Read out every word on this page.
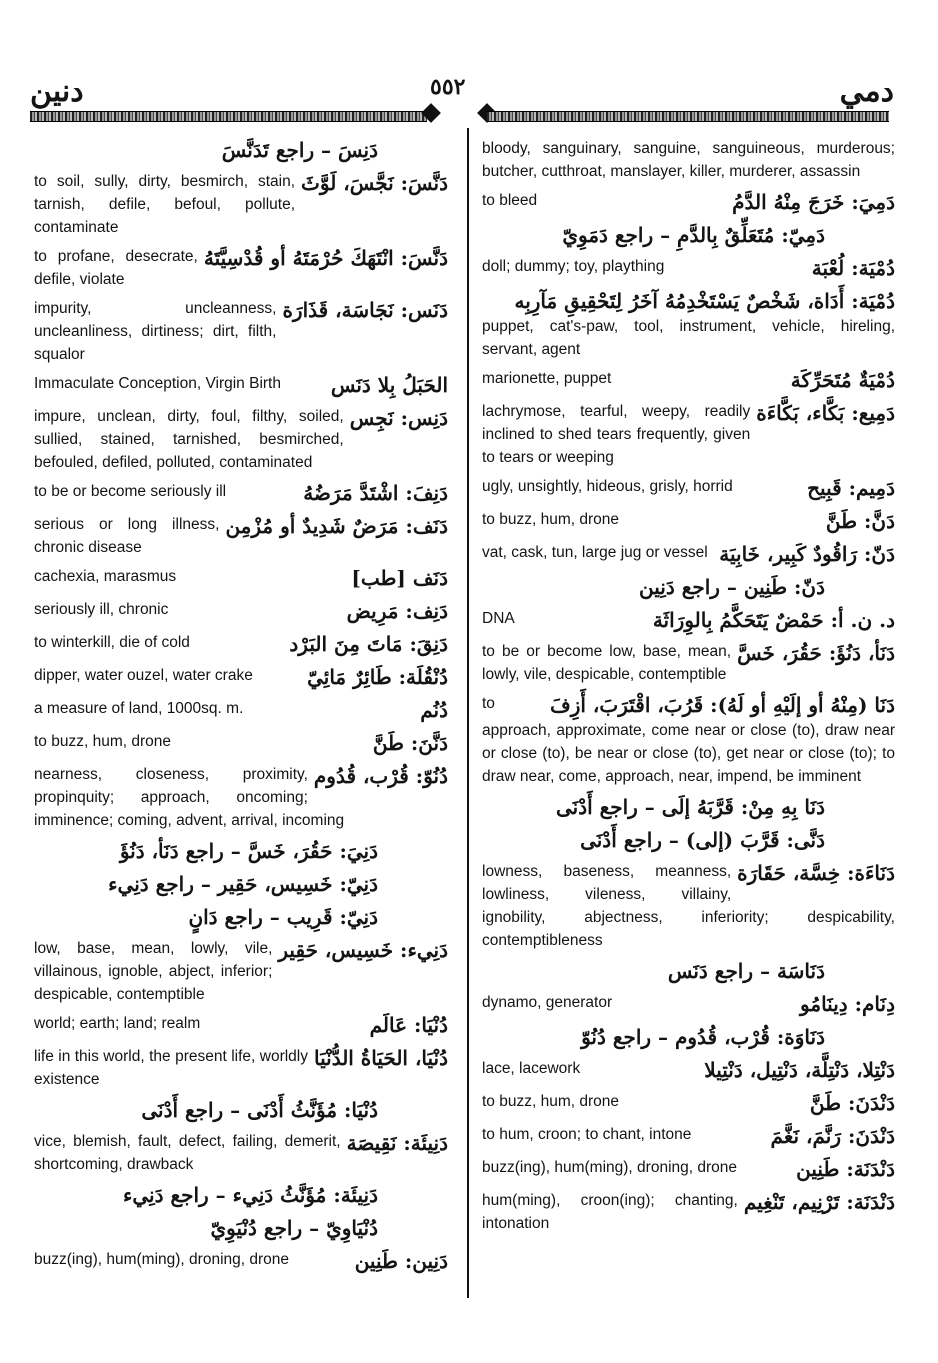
دنين	٥٥٢	دمي
bloody, sanguinary, sanguine, sanguineous, murderous; butcher, cutthroat, manslayer, killer, murderer, assassin
دَمِيَ: خَرَجَ مِنْهُ الدَّمُ
to bleed
دَمِيّ: مُتَعَلِّقٌ بِالدَّمِ – راجع دَمَوِيّ
دُمْيَة: لُعْبَة
doll; dummy; toy, plaything
دُمْيَة: أَدَاة، شَخْصٌ يَسْتَخْدِمُهُ آخَرُ لِتَحْقِيقِ مَآرِبِه
puppet, cat's-paw, tool, instrument, vehicle, hireling, servant, agent
دُمْيَةٌ مُتَحَرِّكَة
marionette, puppet
دَمِيع: بَكَّاء، بَكَّاءَة
lachrymose, tearful, weepy, readily inclined to shed tears frequently, given to tears or weeping
دَمِيم: قَبِيح
ugly, unsightly, hideous, grisly, horrid
دَنَّ: طَنَّ
to buzz, hum, drone
دَنّ: رَاقُودٌ كَبِير، خَابِيَة
vat, cask, tun, large jug or vessel
دَنّ: طَنِين – راجع دَنِين
د. ن. أ: حَمْضٌ يَتَحَكَّمُ بِالوِرَاثَة
DNA
دَنَأ، دَنُؤَ: حَقُرَ، خَسَّ
to be or become low, base, mean, lowly, vile, despicable, contemptible
دَنَا (مِنْهُ أو إلَيْهِ أو لَهُ): قَرُبَ، اقْتَرَبَ، أَزِفَ
to approach, approximate, come near or close (to), draw near or close (to), be near or close (to), get near or close (to); to draw near, come, approach, near, impend, be imminent
دَنَا بِهِ مِنْ: قَرَّبَهُ إلَى – راجع أَدْنَى
دَنَّى: قَرَّبَ (إلى) – راجع أَدْنَى
دَنَاءَة: خِسَّة، حَقَارَة
lowness, baseness, meanness, lowliness, vileness, villainy, ignobility, abjectness, inferiority; despicability, contemptibleness
دَنَاسَة – راجع دَنَس
دِنَام: دِينَامُو
dynamo, generator
دَنَاوَة: قُرْب، قُدُوم – راجع دُنُوّ
دَنْتِلا، دَنْتِلَّة، دَنْتِيل، دَنْتِيلا
lace, lacework
دَنْدَنَ: طَنَّ
to buzz, hum, drone
دَنْدَنَ: رَنَّمَ، نَغَّمَ
to hum, croon; to chant, intone
دَنْدَنَة: طَنِين
buzz(ing), hum(ming), droning, drone
دَنْدَنَة: تَرْنِيم، تَنْغِيم
hum(ming), croon(ing); chanting, intonation
دَنِسَ – راجع تَدَنَّسَ
دَنَّسَ: نَجَّسَ، لَوَّثَ
to soil, sully, dirty, besmirch, stain, tarnish, defile, befoul, pollute, contaminate
دَنَّسَ: انْتَهَكَ حُرْمَتَهُ أو قُدْسِيَّتَهُ
to profane, desecrate, defile, violate
دَنَس: نَجَاسَة، قَذَارَة
impurity, uncleanness, uncleanliness, dirtiness; dirt, filth, squalor
الحَبَلُ بِلا دَنَس
Immaculate Conception, Virgin Birth
دَنِس: نَجِس
impure, unclean, dirty, foul, filthy, soiled, sullied, stained, tarnished, besmirched, befouled, defiled, polluted, contaminated
دَنِفَ: اشْتَدَّ مَرَضُهُ
to be or become seriously ill
دَنَف: مَرَضٌ شَدِيدٌ أو مُزْمِن
serious or long illness, chronic disease
دَنَف [طب]
cachexia, marasmus
دَنِف: مَرِيض
seriously ill, chronic
دَنِقَ: مَاتَ مِنَ البَرْد
to winterkill, die of cold
دُنْقُلَة: طَائِرٌ مَائِيّ
dipper, water ouzel, water crake
دُنُم
a measure of land, 1000sq. m.
دَنَّنَ: طَنَّ
to buzz, hum, drone
دُنُوّ: قُرْب، قُدُوم
nearness, closeness, proximity, propinquity; approach, oncoming; imminence; coming, advent, arrival, incoming
دَنِيَ: حَقُرَ، خَسَّ – راجع دَنَأ، دَنُؤَ
دَنِيّ: خَسِيس، حَقِير – راجع دَنِيء
دَنِيّ: قَرِيب – راجع دَانٍ
دَنِيء: خَسِيس، حَقِير
low, base, mean, lowly, vile, villainous, ignoble, abject, inferior; despicable, contemptible
دُنْيَا: عَالَم
world; earth; land; realm
دُنْيَا، الحَيَاةُ الدُّنْيَا
life in this world, the present life, worldly existence
دُنْيَا: مُؤَنَّثُ أَدْنَى – راجع أَدْنَى
دَنِيئَة: نَقِيصَة
vice, blemish, fault, defect, failing, demerit, shortcoming, drawback
دَنِيئَة: مُؤَنَّثُ دَنِيء – راجع دَنِيء
دُنْيَاوِيّ – راجع دُنْيَوِيّ
دَنِين: طَنِين
buzz(ing), hum(ming), droning, drone
